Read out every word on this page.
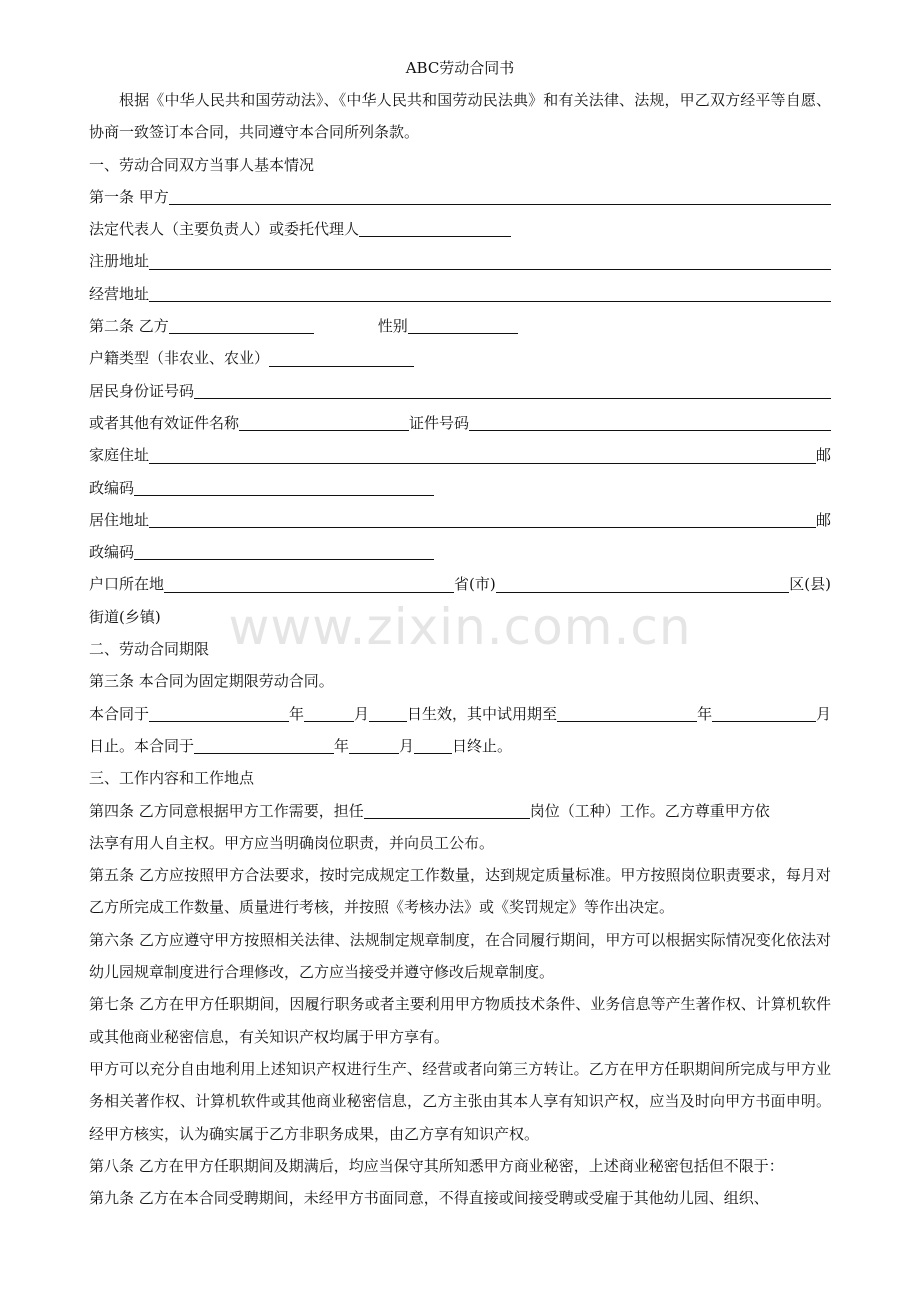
www.zixin.com.cn
ABC劳动合同书

根据《中华人民共和国劳动法》、《中华人民共和国劳动民法典》和有关法律、法规，甲乙双方经平等自愿、协商一致签订本合同，共同遵守本合同所列条款。

一、劳动合同双方当事人基本情况

第一条 甲方
法定代表人（主要负责人）或委托代理人
注册地址
经营地址
第二条 乙方	性别
户籍类型（非农业、农业）
居民身份证号码
或者其他有效证件名称	证件号码
家庭住址	邮
政编码
居住地址	邮
政编码
户口所在地	省(市)	区(县)

街道(乡镇)

二、劳动合同期限

第三条 本合同为固定期限劳动合同。

本合同于	年	月	日生效，其中试用期至	年	月
日止。本合同于	年	月	日终止。

三、工作内容和工作地点

第四条 乙方同意根据甲方工作需要，担任	岗位（工种）工作。乙方尊重甲方依

法享有用人自主权。甲方应当明确岗位职责，并向员工公布。

第五条 乙方应按照甲方合法要求，按时完成规定工作数量，达到规定质量标准。甲方按照岗位职责要求，每月对乙方所完成工作数量、质量进行考核，并按照《考核办法》或《奖罚规定》等作出决定。

第六条 乙方应遵守甲方按照相关法律、法规制定规章制度，在合同履行期间，甲方可以根据实际情况变化依法对幼儿园规章制度进行合理修改，乙方应当接受并遵守修改后规章制度。

第七条 乙方在甲方任职期间，因履行职务或者主要利用甲方物质技术条件、业务信息等产生著作权、计算机软件或其他商业秘密信息，有关知识产权均属于甲方享有。

甲方可以充分自由地利用上述知识产权进行生产、经营或者向第三方转让。乙方在甲方任职期间所完成与甲方业务相关著作权、计算机软件或其他商业秘密信息，乙方主张由其本人享有知识产权，应当及时向甲方书面申明。经甲方核实，认为确实属于乙方非职务成果，由乙方享有知识产权。

第八条 乙方在甲方任职期间及期满后，均应当保守其所知悉甲方商业秘密，上述商业秘密包括但不限于：

第九条 乙方在本合同受聘期间，未经甲方书面同意，不得直接或间接受聘或受雇于其他幼儿园、组织、
